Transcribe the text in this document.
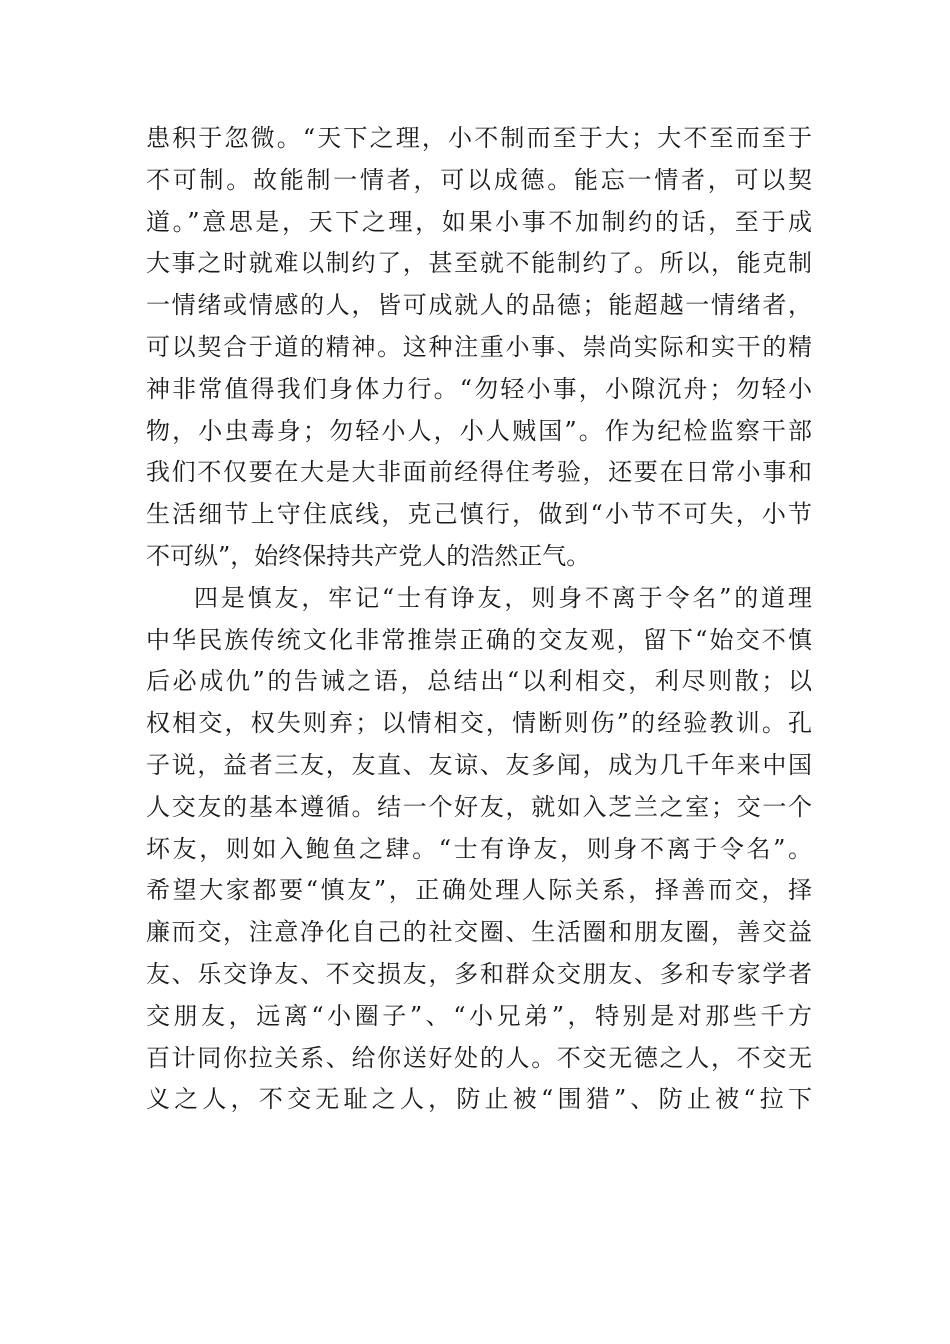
患积于忽微。“天下之理，小不制而至于大；大不至而至于
不可制。故能制一情者，可以成德。能忘一情者，可以契
道。”意思是，天下之理，如果小事不加制约的话，至于成
大事之时就难以制约了，甚至就不能制约了。所以，能克制
一情绪或情感的人，皆可成就人的品德；能超越一情绪者，
可以契合于道的精神。这种注重小事、崇尚实际和实干的精
神非常值得我们身体力行。“勿轻小事，小隙沉舟；勿轻小
物，小虫毒身；勿轻小人，小人贼国”。作为纪检监察干部
我们不仅要在大是大非面前经得住考验，还要在日常小事和
生活细节上守住底线，克己慎行，做到“小节不可失，小节
不可纵”，始终保持共产党人的浩然正气。
四是慎友，牢记“士有诤友，则身不离于令名”的道理
中华民族传统文化非常推崇正确的交友观，留下“始交不慎
后必成仇”的告诫之语，总结出“以利相交，利尽则散；以
权相交，权失则弃；以情相交，情断则伤”的经验教训。孔
子说，益者三友，友直、友谅、友多闻，成为几千年来中国
人交友的基本遵循。结一个好友，就如入芝兰之室；交一个
坏友，则如入鲍鱼之肆。“士有诤友，则身不离于令名”。
希望大家都要“慎友”，正确处理人际关系，择善而交，择
廉而交，注意净化自己的社交圈、生活圈和朋友圈，善交益
友、乐交诤友、不交损友，多和群众交朋友、多和专家学者
交朋友，远离“小圈子”、“小兄弟”，特别是对那些千方
百计同你拉关系、给你送好处的人。不交无德之人，不交无
义之人，不交无耻之人，防止被“围猎”、防止被“拉下
